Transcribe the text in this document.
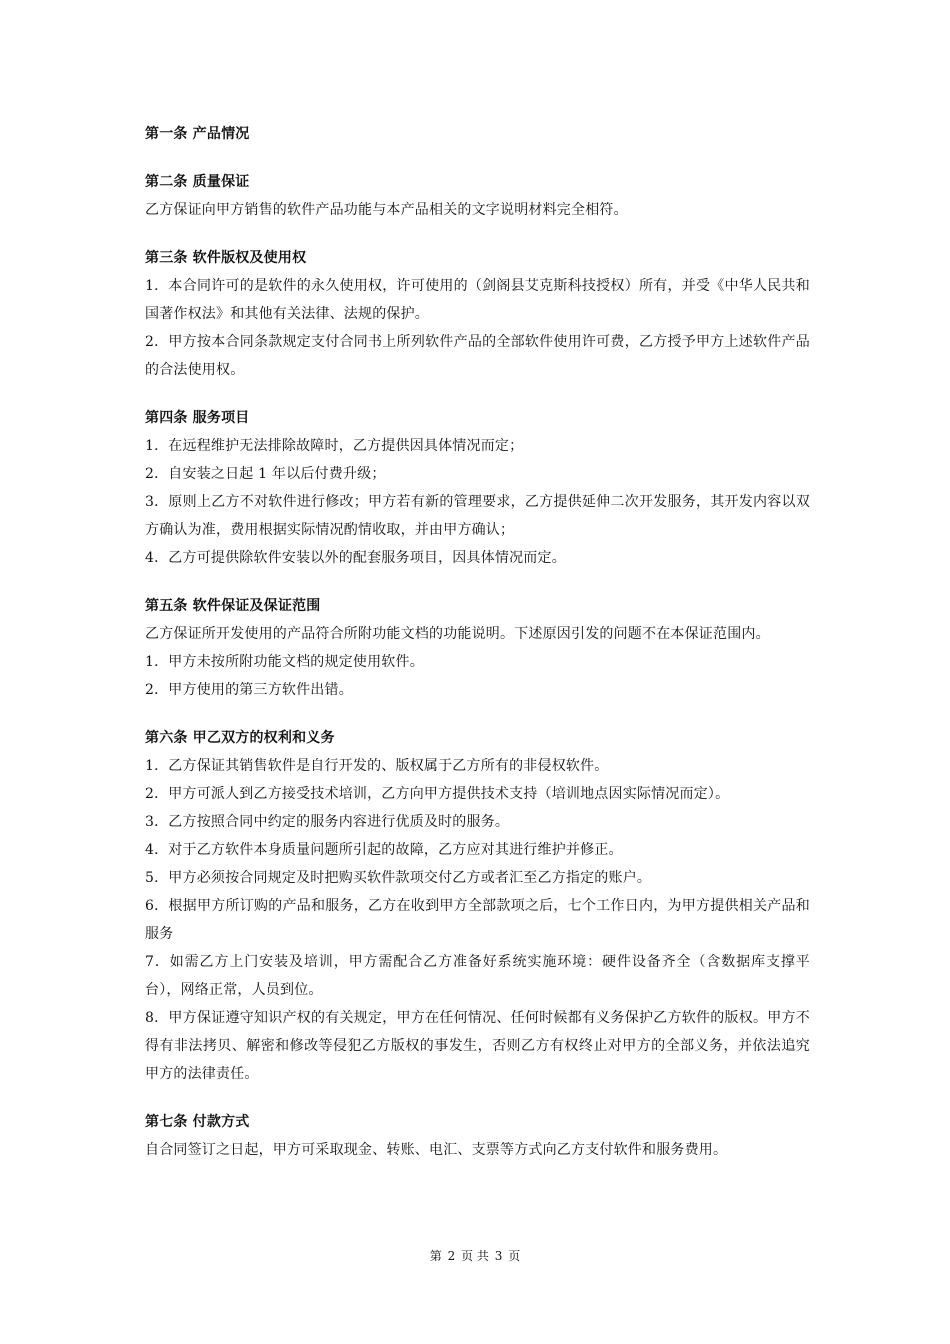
第一条 产品情况

第二条 质量保证

乙方保证向甲方销售的软件产品功能与本产品相关的文字说明材料完全相符。

第三条 软件版权及使用权

1．本合同许可的是软件的永久使用权，许可使用的（剑阁县艾克斯科技授权）所有，并受《中华人民共和国著作权法》和其他有关法律、法规的保护。

2．甲方按本合同条款规定支付合同书上所列软件产品的全部软件使用许可费，乙方授予甲方上述软件产品的合法使用权。

第四条 服务项目

1．在远程维护无法排除故障时，乙方提供因具体情况而定；

2．自安装之日起 1 年以后付费升级；

3．原则上乙方不对软件进行修改；甲方若有新的管理要求，乙方提供延伸二次开发服务，其开发内容以双方确认为准，费用根据实际情况酌情收取，并由甲方确认；

4．乙方可提供除软件安装以外的配套服务项目，因具体情况而定。

第五条 软件保证及保证范围

乙方保证所开发使用的产品符合所附功能文档的功能说明。下述原因引发的问题不在本保证范围内。

1．甲方未按所附功能文档的规定使用软件。

2．甲方使用的第三方软件出错。

第六条 甲乙双方的权利和义务

1．乙方保证其销售软件是自行开发的、版权属于乙方所有的非侵权软件。

2．甲方可派人到乙方接受技术培训，乙方向甲方提供技术支持（培训地点因实际情况而定）。

3．乙方按照合同中约定的服务内容进行优质及时的服务。

4．对于乙方软件本身质量问题所引起的故障，乙方应对其进行维护并修正。

5．甲方必须按合同规定及时把购买软件款项交付乙方或者汇至乙方指定的账户。

6．根据甲方所订购的产品和服务，乙方在收到甲方全部款项之后，七个工作日内，为甲方提供相关产品和服务

7．如需乙方上门安装及培训，甲方需配合乙方准备好系统实施环境：硬件设备齐全（含数据库支撑平台），网络正常，人员到位。

8．甲方保证遵守知识产权的有关规定，甲方在任何情况、任何时候都有义务保护乙方软件的版权。甲方不得有非法拷贝、解密和修改等侵犯乙方版权的事发生，否则乙方有权终止对甲方的全部义务，并依法追究甲方的法律责任。

第七条 付款方式

自合同签订之日起，甲方可采取现金、转账、电汇、支票等方式向乙方支付软件和服务费用。

第 2 页 共 3 页
